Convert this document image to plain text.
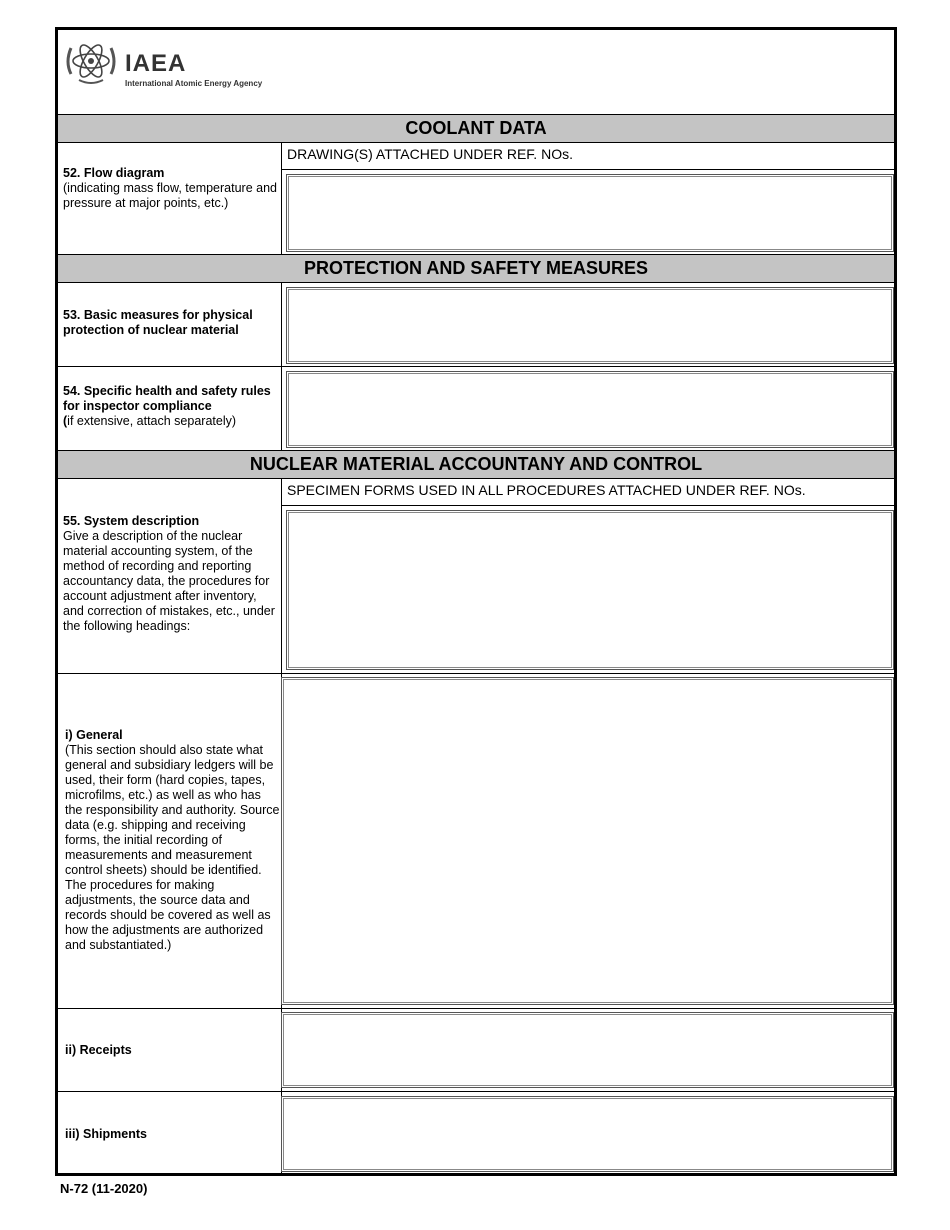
IAEA
International Atomic Energy Agency
COOLANT DATA
DRAWING(S) ATTACHED UNDER REF. NOs.
52. Flow diagram
(indicating mass flow, temperature and pressure at major points, etc.)
PROTECTION AND SAFETY MEASURES
53. Basic measures for physical protection of nuclear material
54. Specific health and safety rules for inspector compliance
(if extensive, attach separately)
NUCLEAR MATERIAL ACCOUNTANY AND CONTROL
SPECIMEN FORMS USED IN ALL PROCEDURES ATTACHED UNDER REF. NOs.
55. System description
Give a description of the nuclear material accounting system, of the method of recording and reporting accountancy data, the procedures for account adjustment after inventory, and correction of mistakes, etc., under the following headings:
i) General
(This section should also state what general and subsidiary ledgers will be used, their form (hard copies, tapes, microfilms, etc.) as well as who has the responsibility and authority. Source data (e.g. shipping and receiving forms, the initial recording of measurements and measurement control sheets) should be identified. The procedures for making adjustments, the source data and records should be covered as well as how the adjustments are authorized and substantiated.)
ii) Receipts
iii) Shipments
N-72 (11-2020)
